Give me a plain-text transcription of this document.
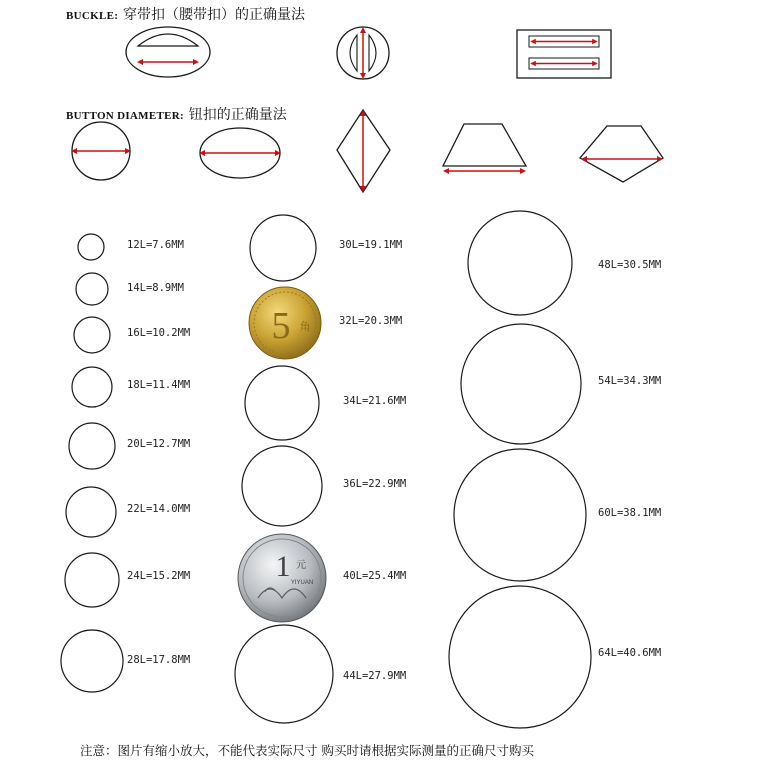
BUCKLE: 穿带扣（腰带扣）的正确量法
BUTTON DIAMETER: 钮扣的正确量法
5 角
1 元
YIYUAN
12L=7.6MM
14L=8.9MM
16L=10.2MM
18L=11.4MM
20L=12.7MM
22L=14.0MM
24L=15.2MM
28L=17.8MM
30L=19.1MM
32L=20.3MM
34L=21.6MM
36L=22.9MM
40L=25.4MM
44L=27.9MM
48L=30.5MM
54L=34.3MM
60L=38.1MM
64L=40.6MM
注意：图片有缩小放大，不能代表实际尺寸 购买时请根据实际测量的正确尺寸购买
